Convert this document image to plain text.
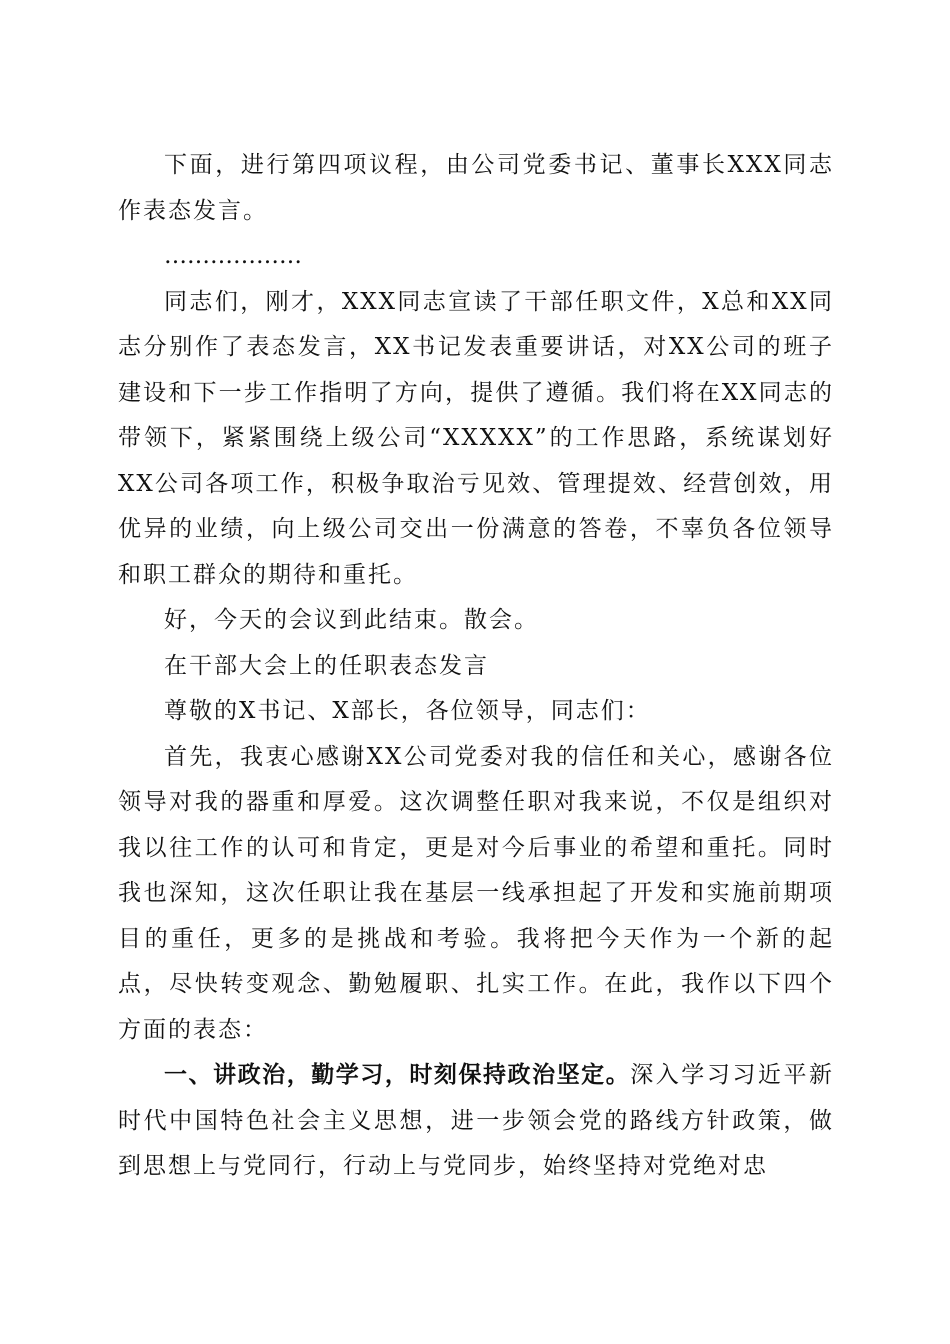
下面，进行第四项议程，由公司党委书记、董事长XXX同志作表态发言。

………………

同志们，刚才，XXX同志宣读了干部任职文件，X总和XX同志分别作了表态发言，XX书记发表重要讲话，对XX公司的班子建设和下一步工作指明了方向，提供了遵循。我们将在XX同志的带领下，紧紧围绕上级公司“XXXXX”的工作思路，系统谋划好XX公司各项工作，积极争取治亏见效、管理提效、经营创效，用优异的业绩，向上级公司交出一份满意的答卷，不辜负各位领导和职工群众的期待和重托。

好，今天的会议到此结束。散会。

在干部大会上的任职表态发言

尊敬的X书记、X部长，各位领导，同志们：

首先，我衷心感谢XX公司党委对我的信任和关心，感谢各位领导对我的器重和厚爱。这次调整任职对我来说，不仅是组织对我以往工作的认可和肯定，更是对今后事业的希望和重托。同时我也深知，这次任职让我在基层一线承担起了开发和实施前期项目的重任，更多的是挑战和考验。我将把今天作为一个新的起点，尽快转变观念、勤勉履职、扎实工作。在此，我作以下四个方面的表态：

一、讲政治，勤学习，时刻保持政治坚定。深入学习习近平新时代中国特色社会主义思想，进一步领会党的路线方针政策，做到思想上与党同行，行动上与党同步，始终坚持对党绝对忠
